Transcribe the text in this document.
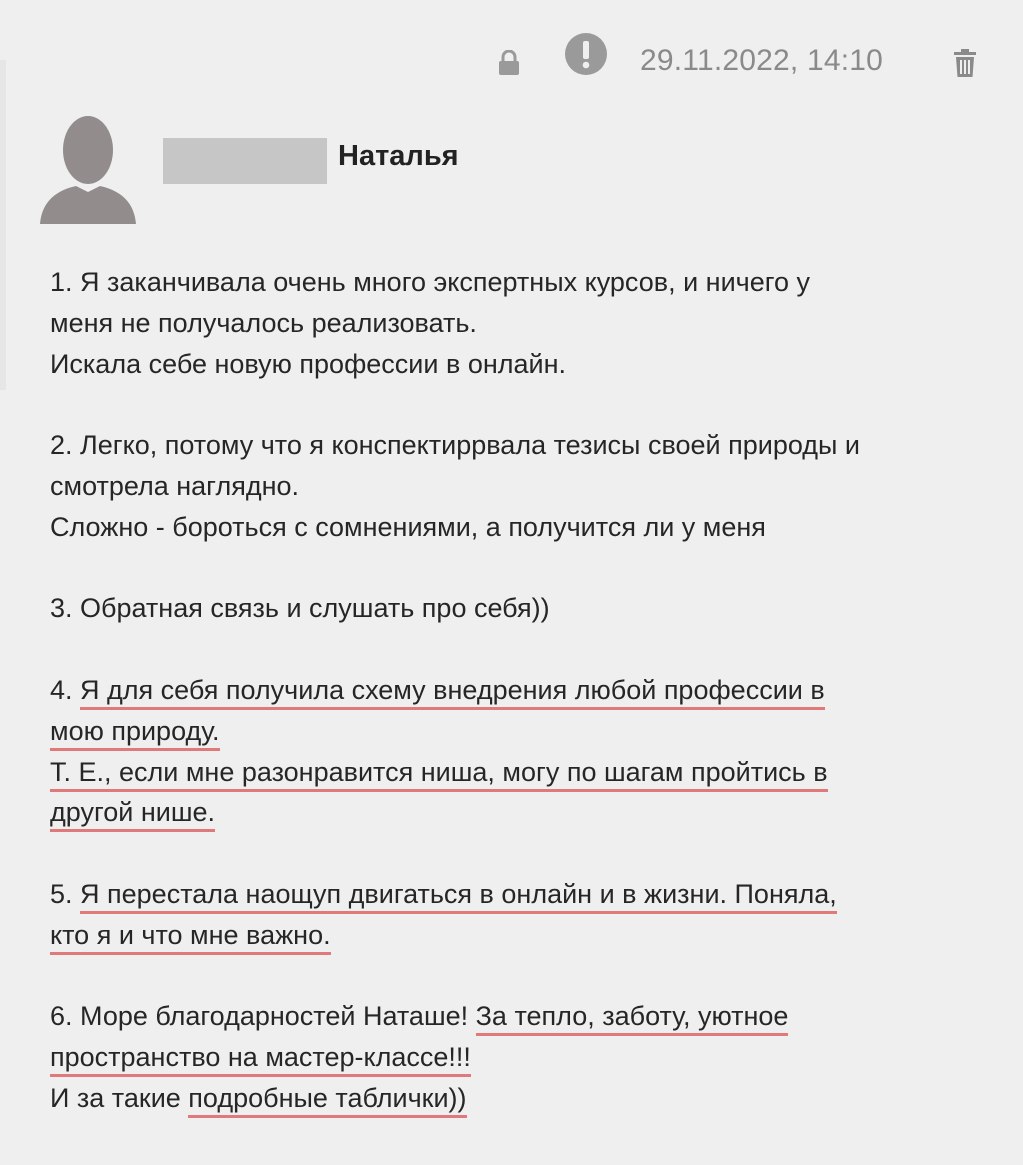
29.11.2022, 14:10
Наталья
1. Я заканчивала очень много экспертных курсов, и ничего у
меня не получалось реализовать.
Искала себе новую профессии в онлайн.
2. Легко, потому что я конспектиррвала тезисы своей природы и
смотрела наглядно.
Сложно - бороться с сомнениями, а получится ли у меня
3. Обратная связь и слушать про себя))
4. Я для себя получила схему внедрения любой профессии в
мою природу.
Т. Е., если мне разонравится ниша, могу по шагам пройтись в
другой нише.
5. Я перестала наощуп двигаться в онлайн и в жизни. Поняла,
кто я и что мне важно.
6. Море благодарностей Наташе! За тепло, заботу, уютное
пространство на мастер-классе!!!
И за такие подробные таблички))
